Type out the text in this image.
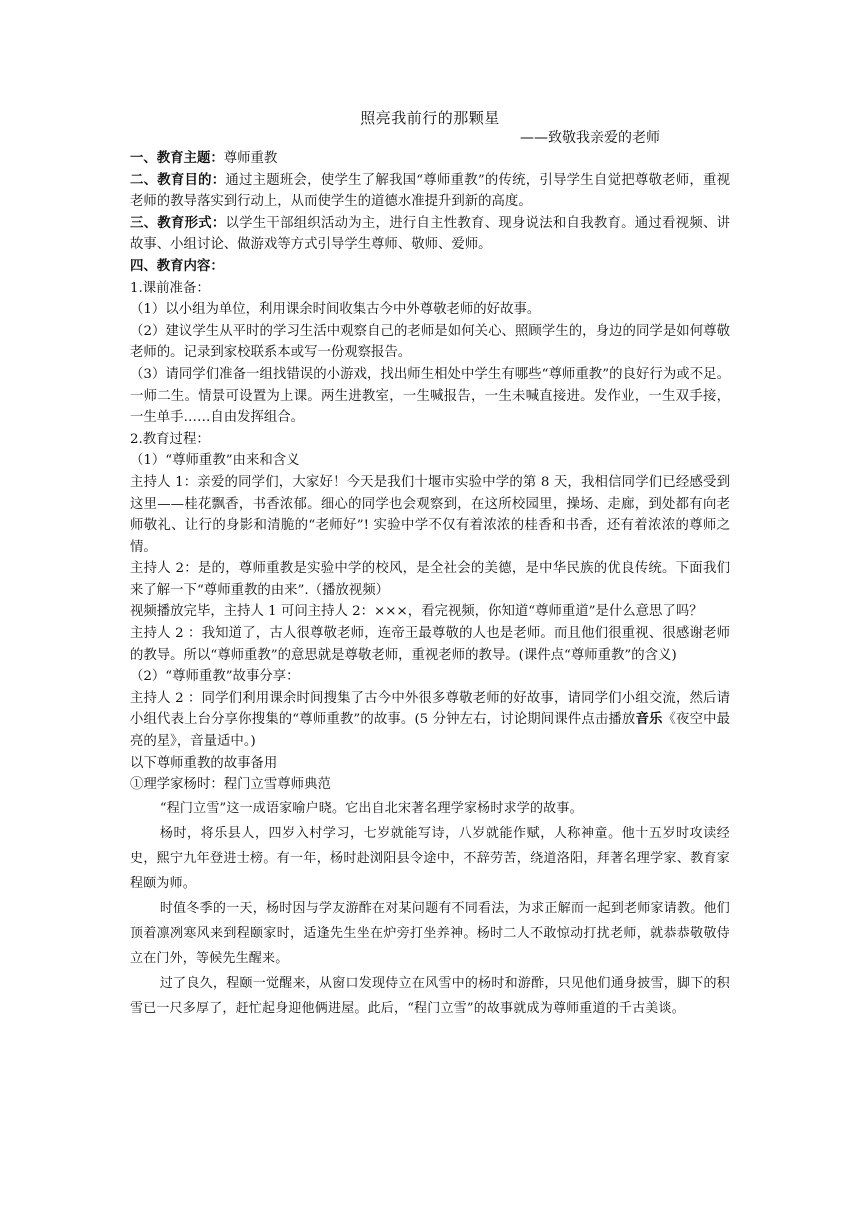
照亮我前行的那颗星
——致敬我亲爱的老师

一、教育主题：尊师重教

二、教育目的：通过主题班会，使学生了解我国“尊师重教”的传统，引导学生自觉把尊敬老师，重视老师的教导落实到行动上，从而使学生的道德水准提升到新的高度。

三、教育形式：以学生干部组织活动为主，进行自主性教育、现身说法和自我教育。通过看视频、讲故事、小组讨论、做游戏等方式引导学生尊师、敬师、爱师。

四、教育内容：

1.课前准备：

（1）以小组为单位，利用课余时间收集古今中外尊敬老师的好故事。

（2）建议学生从平时的学习生活中观察自己的老师是如何关心、照顾学生的，身边的同学是如何尊敬老师的。记录到家校联系本或写一份观察报告。

（3）请同学们准备一组找错误的小游戏，找出师生相处中学生有哪些“尊师重教”的良好行为或不足。一师二生。情景可设置为上课。两生进教室，一生喊报告，一生未喊直接进。发作业，一生双手接，一生单手……自由发挥组合。

2.教育过程：

（1）“尊师重教”由来和含义

主持人 1：亲爱的同学们，大家好！今天是我们十堰市实验中学的第 8 天，我相信同学们已经感受到这里——桂花飘香，书香浓郁。细心的同学也会观察到，在这所校园里，操场、走廊，到处都有向老师敬礼、让行的身影和清脆的“老师好”! 实验中学不仅有着浓浓的桂香和书香，还有着浓浓的尊师之情。

主持人 2：是的，尊师重教是实验中学的校风，是全社会的美德，是中华民族的优良传统。下面我们来了解一下“尊师重教的由来”.（播放视频）

视频播放完毕，主持人 1 可问主持人 2：×××，看完视频，你知道“尊师重道”是什么意思了吗？

主持人 2 ：我知道了，古人很尊敬老师，连帝王最尊敬的人也是老师。而且他们很重视、很感谢老师的教导。所以“尊师重教”的意思就是尊敬老师，重视老师的教导。(课件点“尊师重教”的含义)

（2）“尊师重教”故事分享：

主持人 2 ：同学们利用课余时间搜集了古今中外很多尊敬老师的好故事，请同学们小组交流，然后请小组代表上台分享你搜集的“尊师重教”的故事。(5 分钟左右，讨论期间课件点击播放音乐《夜空中最亮的星》，音量适中。)

以下尊师重教的故事备用

①理学家杨时：程门立雪尊师典范

“程门立雪”这一成语家喻户晓。它出自北宋著名理学家杨时求学的故事。

杨时，将乐县人，四岁入村学习，七岁就能写诗，八岁就能作赋，人称神童。他十五岁时攻读经史，熙宁九年登进士榜。有一年，杨时赴浏阳县令途中，不辞劳苦，绕道洛阳，拜著名理学家、教育家程颐为师。

时值冬季的一天，杨时因与学友游酢在对某问题有不同看法，为求正解而一起到老师家请教。他们顶着凛冽寒风来到程颐家时，适逢先生坐在炉旁打坐养神。杨时二人不敢惊动打扰老师，就恭恭敬敬侍立在门外，等候先生醒来。

过了良久，程颐一觉醒来，从窗口发现侍立在风雪中的杨时和游酢，只见他们通身披雪，脚下的积雪已一尺多厚了，赶忙起身迎他俩进屋。此后，“程门立雪”的故事就成为尊师重道的千古美谈。
